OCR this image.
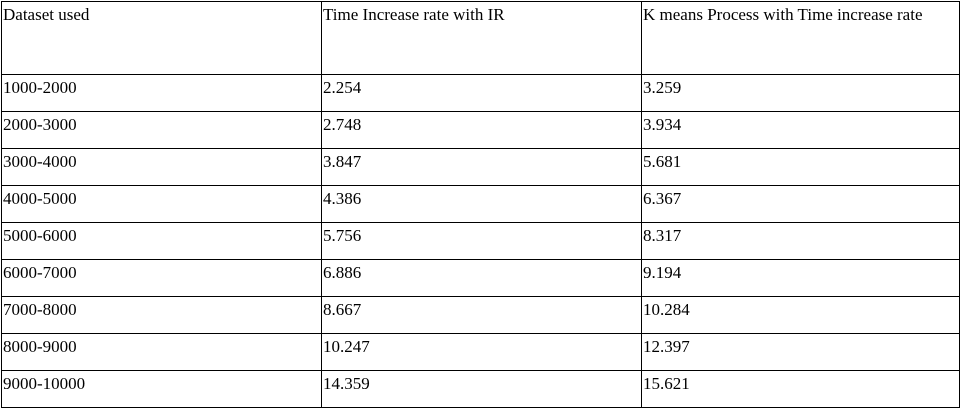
Dataset used	Time Increase rate with IR	K means Process with Time increase rate
1000-2000	2.254	3.259
2000-3000	2.748	3.934
3000-4000	3.847	5.681
4000-5000	4.386	6.367
5000-6000	5.756	8.317
6000-7000	6.886	9.194
7000-8000	8.667	10.284
8000-9000	10.247	12.397
9000-10000	14.359	15.621
